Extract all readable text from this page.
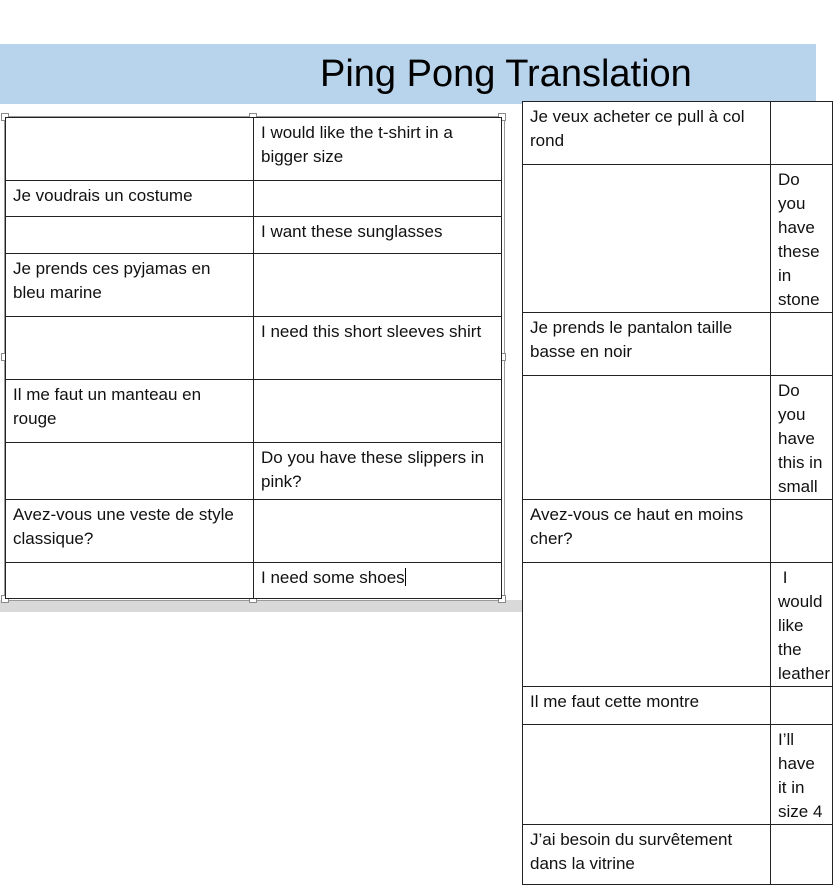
Ping Pong Translation
	I would like the t-shirt in a bigger size
Je voudrais un costume	
	I want these sunglasses
Je prends ces pyjamas en bleu marine	
	I need this short sleeves shirt
Il me faut un manteau en rouge	
	Do you have these slippers in pink?
Avez-vous une veste de style classique?	
	I need some shoes
Je veux acheter ce pull à col rond	
	Do you have these in stone
Je prends le pantalon taille basse en noir	
	Do you have this in small
Avez-vous ce haut en moins cher?	
	I would like the leather
Il me faut cette montre	
	I’ll have it in size 4
J’ai besoin du survêtement dans la vitrine	
